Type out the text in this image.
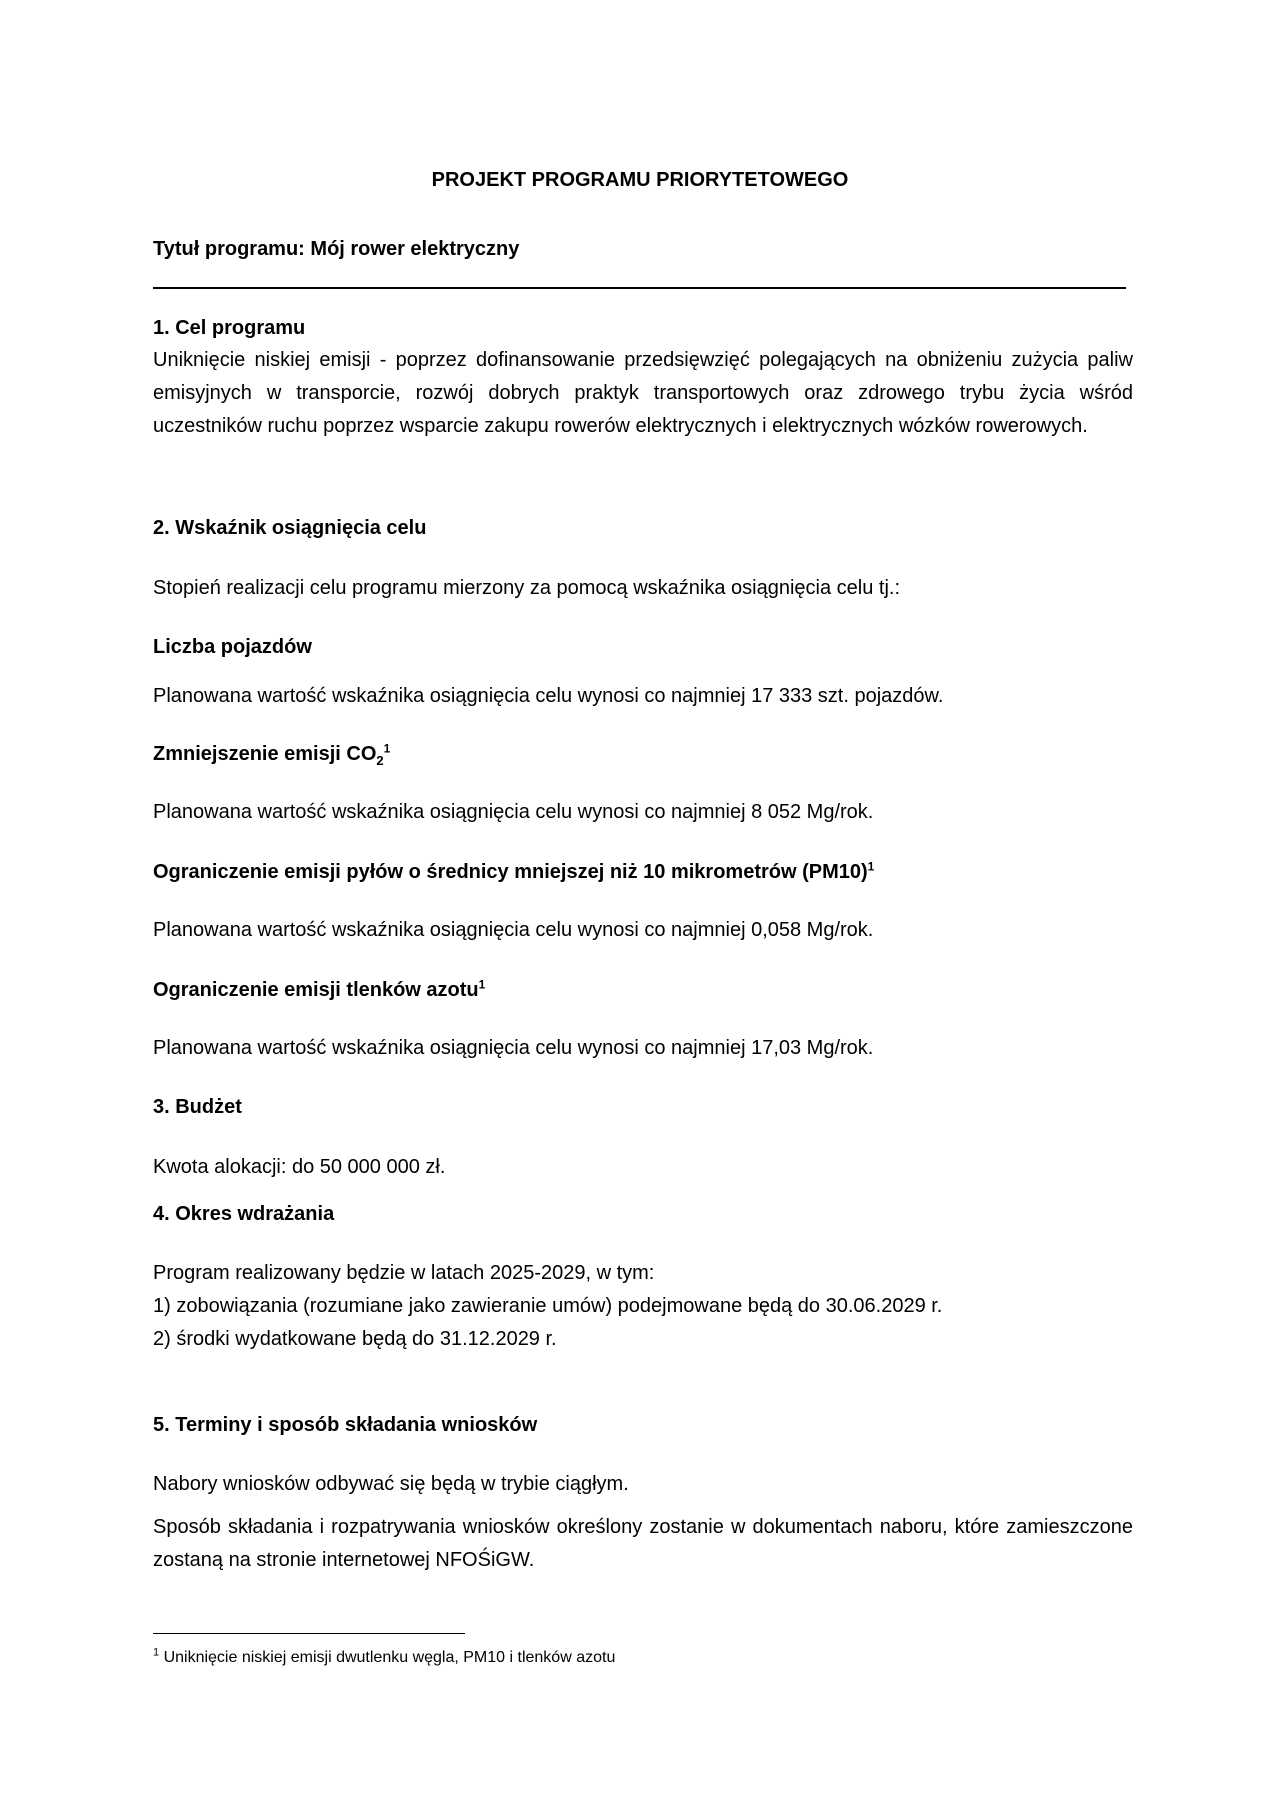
PROJEKT PROGRAMU PRIORYTETOWEGO
Tytuł programu: Mój rower elektryczny
1. Cel programu
Uniknięcie niskiej emisji - poprzez dofinansowanie przedsięwzięć polegających na obniżeniu zużycia paliw emisyjnych w transporcie, rozwój dobrych praktyk transportowych oraz zdrowego trybu życia wśród uczestników ruchu poprzez wsparcie zakupu rowerów elektrycznych i elektrycznych wózków rowerowych.
2. Wskaźnik osiągnięcia celu
Stopień realizacji celu programu mierzony za pomocą wskaźnika osiągnięcia celu tj.:
Liczba pojazdów
Planowana wartość wskaźnika osiągnięcia celu wynosi co najmniej 17 333 szt. pojazdów.
Zmniejszenie emisji $CO_2^1$
Planowana wartość wskaźnika osiągnięcia celu wynosi co najmniej 8 052 Mg/rok.
Ograniczenie emisji pyłów o średnicy mniejszej niż 10 mikrometrów $(PM10)^1$
Planowana wartość wskaźnika osiągnięcia celu wynosi co najmniej 0,058 Mg/rok.
Ograniczenie emisji tlenków azotu$^1$
Planowana wartość wskaźnika osiągnięcia celu wynosi co najmniej 17,03 Mg/rok.
3. Budżet
Kwota alokacji: do 50 000 000 zł.
4. Okres wdrażania
Program realizowany będzie w latach 2025-2029, w tym:
1) zobowiązania (rozumiane jako zawieranie umów) podejmowane będą do 30.06.2029 r.
2) środki wydatkowane będą do 31.12.2029 r.
5. Terminy i sposób składania wniosków
Nabory wniosków odbywać się będą w trybie ciągłym.
Sposób składania i rozpatrywania wniosków określony zostanie w dokumentach naboru, które zamieszczone zostaną na stronie internetowej NFOŚiGW.
$^1$ Uniknięcie niskiej emisji dwutlenku węgla, PM10 i tlenków azotu
